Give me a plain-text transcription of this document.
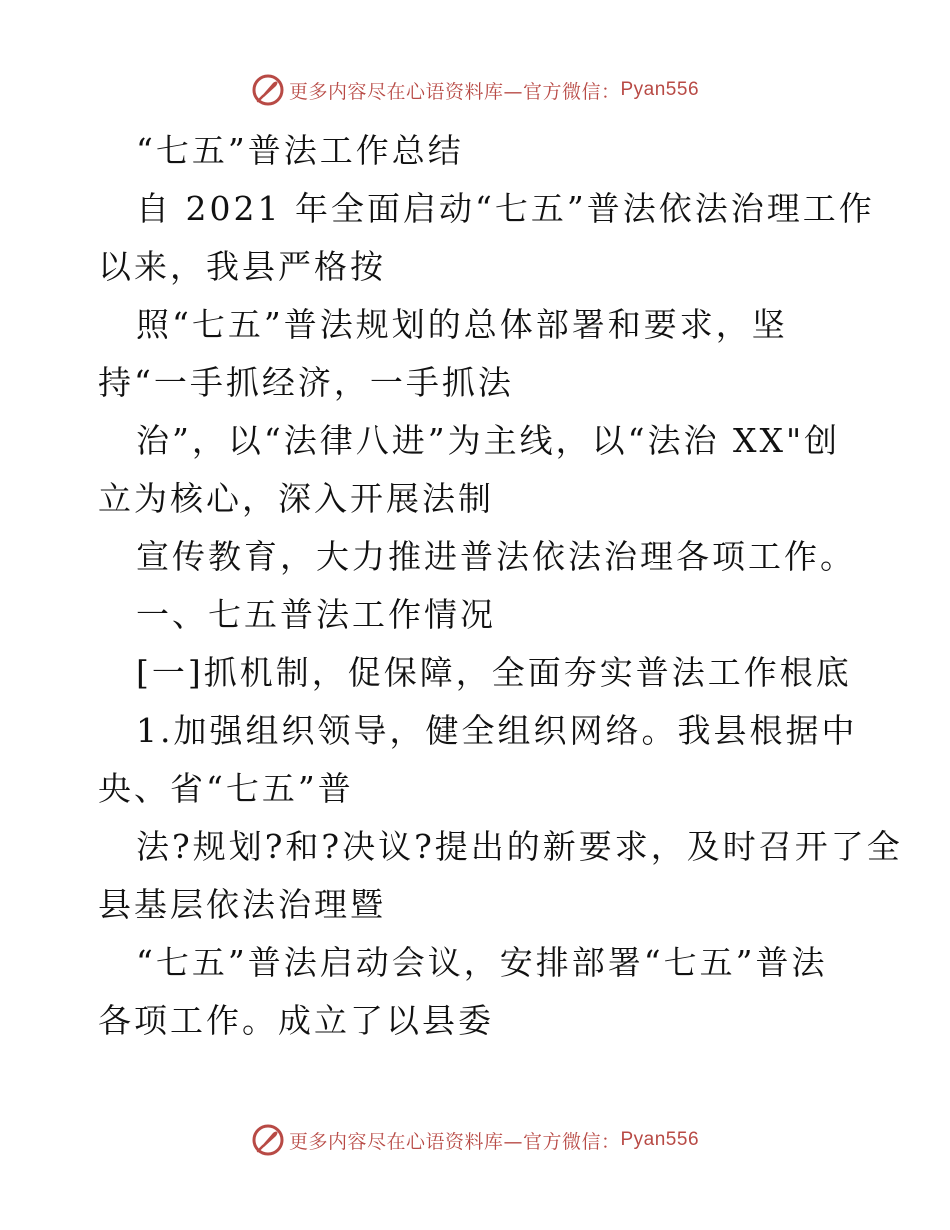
更多内容尽在心语资料库—官方微信： Pyan556
“七五”普法工作总结
自 2021 年全面启动“七五”普法依法治理工作
以来，我县严格按
照“七五”普法规划的总体部署和要求，坚
持“一手抓经济，一手抓法
治”，以“法律八进”为主线，以“法治 XX"创
立为核心，深入开展法制
宣传教育，大力推进普法依法治理各项工作。
一、七五普法工作情况
[一]抓机制，促保障，全面夯实普法工作根底
1.加强组织领导，健全组织网络。我县根据中
央、省“七五”普
法?规划?和?决议?提出的新要求，及时召开了全
县基层依法治理暨
“七五”普法启动会议，安排部署“七五”普法
各项工作。成立了以县委
更多内容尽在心语资料库—官方微信： Pyan556
